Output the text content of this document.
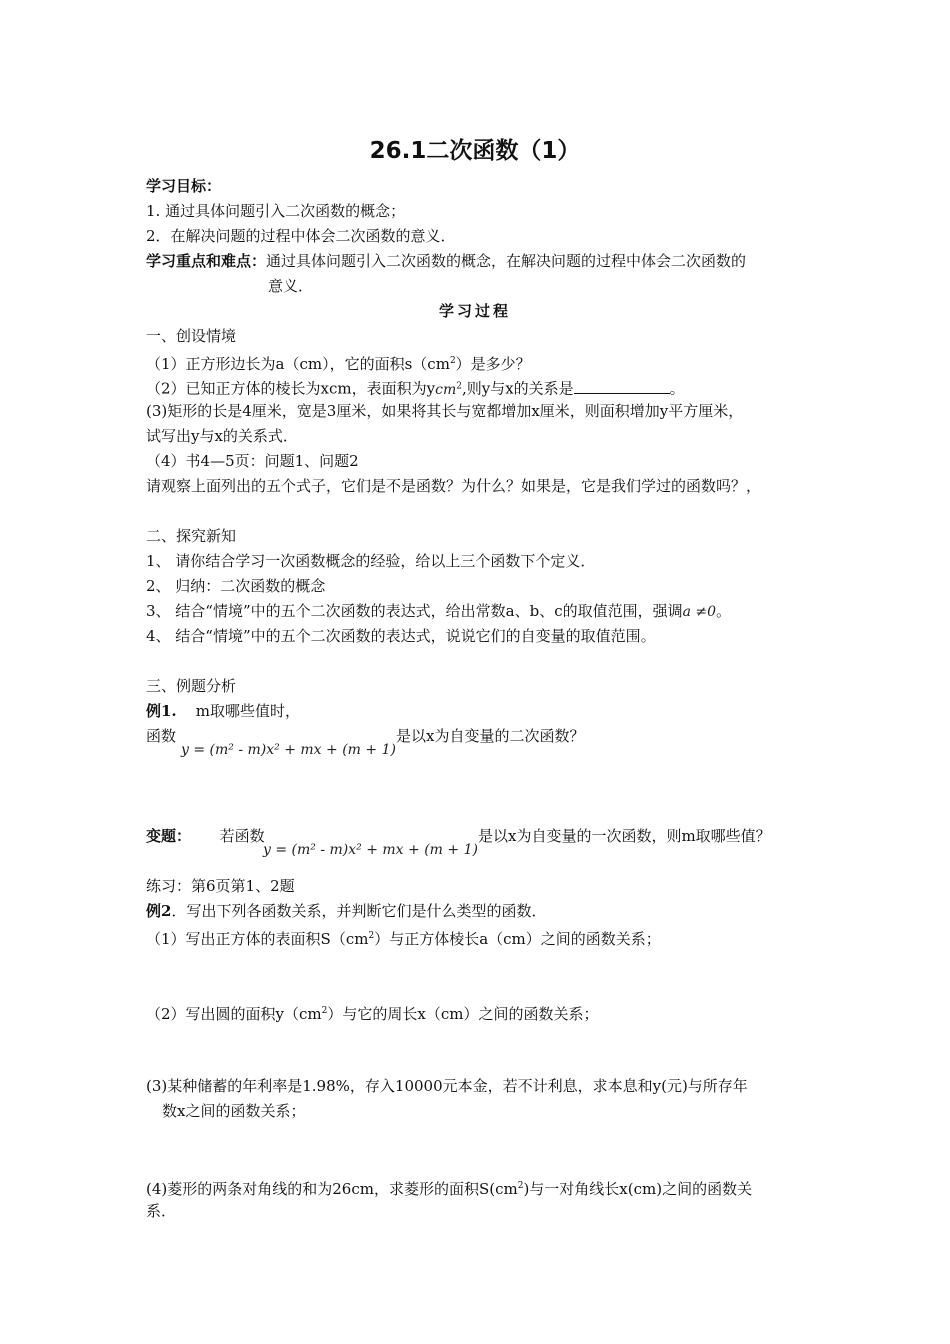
26.1二次函数（1）
学习目标：
1. 通过具体问题引入二次函数的概念；
2．在解决问题的过程中体会二次函数的意义．
学习重点和难点：通过具体问题引入二次函数的概念，在解决问题的过程中体会二次函数的
意义．
学习过程
一、创设情境
（1）正方形边长为a（cm），它的面积$s(cm^2)$是多少？
（2）已知正方体的棱长为xcm，表面积为ycm$^2$,则y与x的关系是	。
(3)矩形的长是4厘米，宽是3厘米，如果将其长与宽都增加x厘米，则面积增加y平方厘米，
试写出y与x的关系式．
（4）书4—5页：问题1、问题2
请观察上面列出的五个式子，它们是不是函数？为什么？如果是，它是我们学过的函数吗？，
二、探究新知
1、 请你结合学习一次函数概念的经验，给以上三个函数下个定义．
2、 归纳：二次函数的概念
3、 结合“情境”中的五个二次函数的表达式，给出常数a、b、c的取值范围，强调a ≠0。
4、 结合“情境”中的五个二次函数的表达式，说说它们的自变量的取值范围。
三、例题分析
例1. m取哪些值时，
函数
y = (m² - m)x² + mx + (m + 1)
是以x为自变量的二次函数？
变题： 若函数
y = (m² - m)x² + mx + (m + 1)
是以x为自变量的一次函数，则m取哪些值？
练习：第6页第1、2题
例2．写出下列各函数关系，并判断它们是什么类型的函数．
（1）写出正方体的表面积$S(cm^2)$与正方体棱长a（cm）之间的函数关系；
（2）写出圆的面积$y(cm^2)$与它的周长x（cm）之间的函数关系；
(3)某种储蓄的年利率是1.98%，存入10000元本金，若不计利息，求本息和y(元)与所存年
数x之间的函数关系；
(4)菱形的两条对角线的和为26cm，求菱形的面积$S(cm^2)$与一对角线长x(cm)之间的函数关
系．
